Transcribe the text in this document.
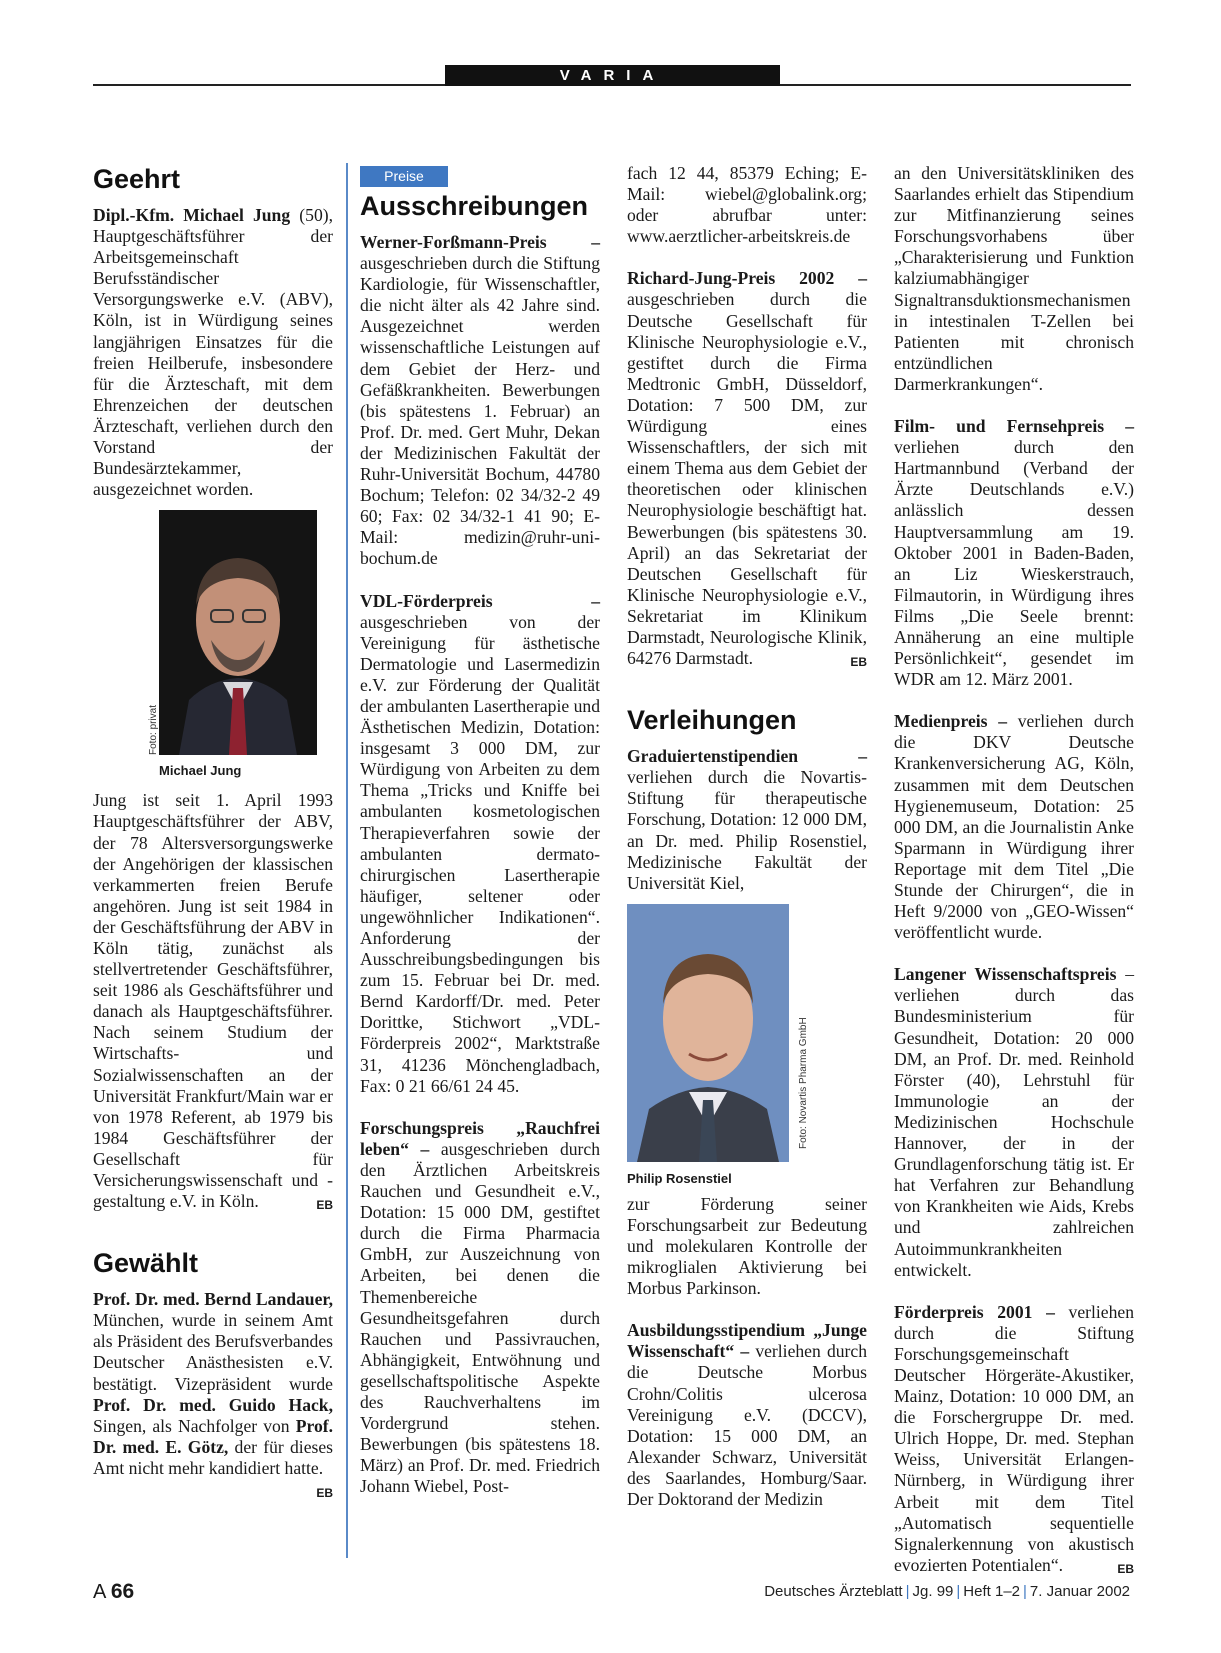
VARIA
Geehrt

Dipl.-Kfm. Michael Jung (50), Hauptgeschäftsführer der Arbeitsgemeinschaft Berufsständischer Versorgungswerke e.V. (ABV), Köln, ist in Würdigung seines langjährigen Einsatzes für die freien Heilberufe, insbesondere für die Ärzteschaft, mit dem Ehrenzeichen der deutschen Ärzteschaft, verliehen durch den Vorstand der Bundesärztekammer, ausgezeichnet worden.

Foto: privat
Michael Jung

Jung ist seit 1. April 1993 Hauptgeschäftsführer der ABV, der 78 Altersversorgungswerke der Angehörigen der klassischen verkammerten freien Berufe angehören. Jung ist seit 1984 in der Geschäftsführung der ABV in Köln tätig, zunächst als stellvertretender Geschäftsführer, seit 1986 als Geschäftsführer und danach als Hauptgeschäftsführer. Nach seinem Studium der Wirtschafts- und Sozialwissenschaften an der Universität Frankfurt/Main war er von 1978 Referent, ab 1979 bis 1984 Geschäftsführer der Gesellschaft für Versicherungswissenschaft und -gestaltung e.V. in Köln.	EB

Gewählt

Prof. Dr. med. Bernd Landauer, München, wurde in seinem Amt als Präsident des Berufsverbandes Deutscher Anästhesisten e.V. bestätigt. Vizepräsident wurde Prof. Dr. med. Guido Hack, Singen, als Nachfolger von Prof. Dr. med. E. Götz, der für dieses Amt nicht mehr kandidiert hatte.
EB

Preise
Ausschreibungen

Werner-Forßmann-Preis – ausgeschrieben durch die Stiftung Kardiologie, für Wissenschaftler, die nicht älter als 42 Jahre sind. Ausgezeichnet werden wissenschaftliche Leistungen auf dem Gebiet der Herz- und Gefäßkrankheiten. Bewerbungen (bis spätestens 1. Februar) an Prof. Dr. med. Gert Muhr, Dekan der Medizinischen Fakultät der Ruhr-Universität Bochum, 44780 Bochum; Telefon: 02 34/32-2 49 60; Fax: 02 34/32-1 41 90; E-Mail: medizin@ruhr-uni-bochum.de

VDL-Förderpreis – ausgeschrieben von der Vereinigung für ästhetische Dermatologie und Lasermedizin e.V. zur Förderung der Qualität der ambulanten Lasertherapie und Ästhetischen Medizin, Dotation: insgesamt 3 000 DM, zur Würdigung von Arbeiten zu dem Thema „Tricks und Kniffe bei ambulanten kosmetologischen Therapieverfahren sowie der ambulanten dermato-chirurgischen Lasertherapie häufiger, seltener oder ungewöhnlicher Indikationen“. Anforderung der Ausschreibungsbedingungen bis zum 15. Februar bei Dr. med. Bernd Kardorff/Dr. med. Peter Dorittke, Stichwort „VDL-Förderpreis 2002“, Marktstraße 31, 41236 Mönchengladbach, Fax: 0 21 66/61 24 45.

Forschungspreis „Rauchfrei leben“ – ausgeschrieben durch den Ärztlichen Arbeitskreis Rauchen und Gesundheit e.V., Dotation: 15 000 DM, gestiftet durch die Firma Pharmacia GmbH, zur Auszeichnung von Arbeiten, bei denen die Themenbereiche Gesundheitsgefahren durch Rauchen und Passivrauchen, Abhängigkeit, Entwöhnung und gesellschaftspolitische Aspekte des Rauchverhaltens im Vordergrund stehen. Bewerbungen (bis spätestens 18. März) an Prof. Dr. med. Friedrich Johann Wiebel, Post-

fach 12 44, 85379 Eching; E-Mail: wiebel@globalink.org; oder abrufbar unter: www.aerztlicher-arbeitskreis.de

Richard-Jung-Preis 2002 – ausgeschrieben durch die Deutsche Gesellschaft für Klinische Neurophysiologie e.V., gestiftet durch die Firma Medtronic GmbH, Düsseldorf, Dotation: 7 500 DM, zur Würdigung eines Wissenschaftlers, der sich mit einem Thema aus dem Gebiet der theoretischen oder klinischen Neurophysiologie beschäftigt hat. Bewerbungen (bis spätestens 30. April) an das Sekretariat der Deutschen Gesellschaft für Klinische Neurophysiologie e.V., Sekretariat im Klinikum Darmstadt, Neurologische Klinik, 64276 Darmstadt.	EB

Verleihungen

Graduiertenstipendien – verliehen durch die Novartis-Stiftung für therapeutische Forschung, Dotation: 12 000 DM, an Dr. med. Philip Rosenstiel, Medizinische Fakultät der Universität Kiel,

Foto: Novartis Pharma GmbH
Philip Rosenstiel

zur Förderung seiner Forschungsarbeit zur Bedeutung und molekularen Kontrolle der mikroglialen Aktivierung bei Morbus Parkinson.

Ausbildungsstipendium „Junge Wissenschaft“ – verliehen durch die Deutsche Morbus Crohn/Colitis ulcerosa Vereinigung e.V. (DCCV), Dotation: 15 000 DM, an Alexander Schwarz, Universität des Saarlandes, Homburg/Saar. Der Doktorand der Medizin

an den Universitätskliniken des Saarlandes erhielt das Stipendium zur Mitfinanzierung seines Forschungsvorhabens über „Charakterisierung und Funktion kalziumabhängiger Signaltransduktionsmechanismen in intestinalen T-Zellen bei Patienten mit chronisch entzündlichen Darmerkrankungen“.

Film- und Fernsehpreis – verliehen durch den Hartmannbund (Verband der Ärzte Deutschlands e.V.) anlässlich dessen Hauptversammlung am 19. Oktober 2001 in Baden-Baden, an Liz Wieskerstrauch, Filmautorin, in Würdigung ihres Films „Die Seele brennt: Annäherung an eine multiple Persönlichkeit“, gesendet im WDR am 12. März 2001.

Medienpreis – verliehen durch die DKV Deutsche Krankenversicherung AG, Köln, zusammen mit dem Deutschen Hygienemuseum, Dotation: 25 000 DM, an die Journalistin Anke Sparmann in Würdigung ihrer Reportage mit dem Titel „Die Stunde der Chirurgen“, die in Heft 9/2000 von „GEO-Wissen“ veröffentlicht wurde.

Langener Wissenschaftspreis – verliehen durch das Bundesministerium für Gesundheit, Dotation: 20 000 DM, an Prof. Dr. med. Reinhold Förster (40), Lehrstuhl für Immunologie an der Medizinischen Hochschule Hannover, der in der Grundlagenforschung tätig ist. Er hat Verfahren zur Behandlung von Krankheiten wie Aids, Krebs und zahlreichen Autoimmunkrankheiten entwickelt.

Förderpreis 2001 – verliehen durch die Stiftung Forschungsgemeinschaft Deutscher Hörgeräte-Akustiker, Mainz, Dotation: 10 000 DM, an die Forschergruppe Dr. med. Ulrich Hoppe, Dr. med. Stephan Weiss, Universität Erlangen-Nürnberg, in Würdigung ihrer Arbeit mit dem Titel „Automatisch sequentielle Signalerkennung von akustisch evozierten Potentialen“.	EB

A 66	Deutsches Ärzteblatt | Jg. 99 | Heft 1–2 | 7. Januar 2002
